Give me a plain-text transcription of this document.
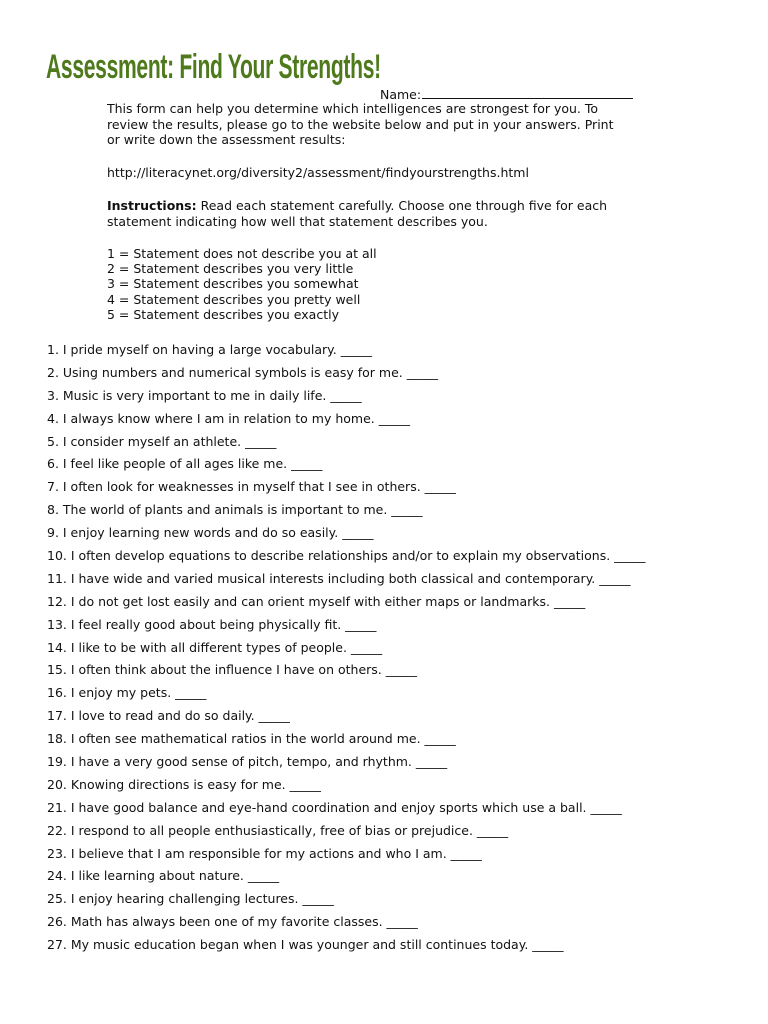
Assessment: Find Your Strengths!
Name:

This form can help you determine which intelligences are strongest for you. To review the results, please go to the website below and put in your answers. Print or write down the assessment results:

http://literacynet.org/diversity2/assessment/findyourstrengths.html
Instructions: Read each statement carefully. Choose one through five for each statement indicating how well that statement describes you.
1 = Statement does not describe you at all
2 = Statement describes you very little
3 = Statement describes you somewhat
4 = Statement describes you pretty well
5 = Statement describes you exactly
1. I pride myself on having a large vocabulary. _____
2. Using numbers and numerical symbols is easy for me. _____
3. Music is very important to me in daily life. _____
4. I always know where I am in relation to my home. _____
5. I consider myself an athlete. _____
6. I feel like people of all ages like me. _____
7. I often look for weaknesses in myself that I see in others. _____
8. The world of plants and animals is important to me. _____
9. I enjoy learning new words and do so easily. _____
10. I often develop equations to describe relationships and/or to explain my observations. _____
11. I have wide and varied musical interests including both classical and contemporary. _____
12. I do not get lost easily and can orient myself with either maps or landmarks. _____
13. I feel really good about being physically fit. _____
14. I like to be with all different types of people. _____
15. I often think about the influence I have on others. _____
16. I enjoy my pets. _____
17. I love to read and do so daily. _____
18. I often see mathematical ratios in the world around me. _____
19. I have a very good sense of pitch, tempo, and rhythm. _____
20. Knowing directions is easy for me. _____
21. I have good balance and eye-hand coordination and enjoy sports which use a ball. _____
22. I respond to all people enthusiastically, free of bias or prejudice. _____
23. I believe that I am responsible for my actions and who I am. _____
24. I like learning about nature. _____
25. I enjoy hearing challenging lectures. _____
26. Math has always been one of my favorite classes. _____
27. My music education began when I was younger and still continues today. _____
